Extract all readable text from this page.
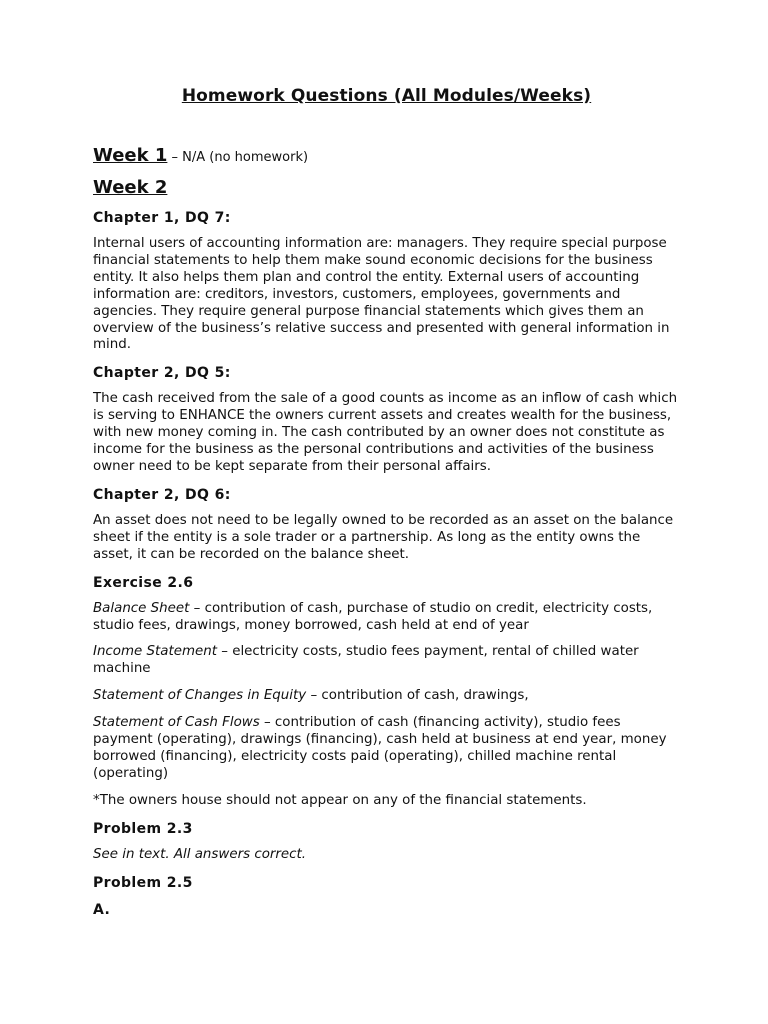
Homework Questions (All Modules/Weeks)
Week 1 – N/A (no homework)
Week 2
Chapter 1, DQ 7:

Internal users of accounting information are: managers. They require special purpose financial statements to help them make sound economic decisions for the business entity. It also helps them plan and control the entity. External users of accounting information are: creditors, investors, customers, employees, governments and agencies. They require general purpose financial statements which gives them an overview of the business’s relative success and presented with general information in mind.

Chapter 2, DQ 5:

The cash received from the sale of a good counts as income as an inflow of cash which is serving to ENHANCE the owners current assets and creates wealth for the business, with new money coming in. The cash contributed by an owner does not constitute as income for the business as the personal contributions and activities of the business owner need to be kept separate from their personal affairs.

Chapter 2, DQ 6:

An asset does not need to be legally owned to be recorded as an asset on the balance sheet if the entity is a sole trader or a partnership. As long as the entity owns the asset, it can be recorded on the balance sheet.

Exercise 2.6

Balance Sheet – contribution of cash, purchase of studio on credit, electricity costs, studio fees, drawings, money borrowed, cash held at end of year

Income Statement – electricity costs, studio fees payment, rental of chilled water machine

Statement of Changes in Equity – contribution of cash, drawings,

Statement of Cash Flows – contribution of cash (financing activity), studio fees payment (operating), drawings (financing), cash held at business at end year, money borrowed (financing), electricity costs paid (operating), chilled machine rental (operating)

*The owners house should not appear on any of the financial statements.

Problem 2.3

See in text. All answers correct.

Problem 2.5
A.
